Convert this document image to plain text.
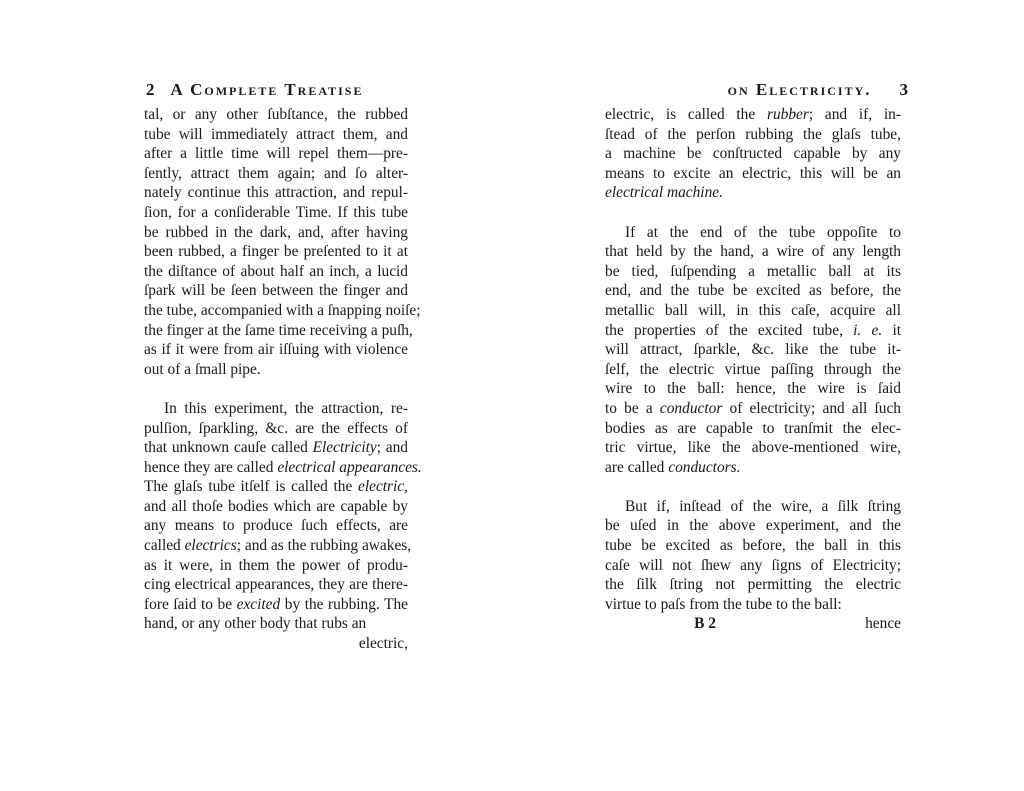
2 A Complete Treatise
tal, or any other ſubſtance, the rubbed
tube will immediately attract them, and
after a little time will repel them—pre-
ſently, attract them again; and ſo alter-
nately continue this attraction, and repul-
ſion, for a conſiderable Time. If this tube
be rubbed in the dark, and, after having
been rubbed, a finger be preſented to it at
the diſtance of about half an inch, a lucid
ſpark will be ſeen between the finger and
the tube, accompanied with a ſnapping noiſe;
the finger at the ſame time receiving a puſh,
as if it were from air iſſuing with violence
out of a ſmall pipe.
In this experiment, the attraction, re-
pulſion, ſparkling, &c. are the effects of
that unknown cauſe called Electricity; and
hence they are called electrical appearances.
The glaſs tube itſelf is called the electric,
and all thoſe bodies which are capable by
any means to produce ſuch effects, are
called electrics; and as the rubbing awakes,
as it were, in them the power of produ-
cing electrical appearances, they are there-
fore ſaid to be excited by the rubbing. The
hand, or any other body that rubs an
electric,
on Electricity. 3
electric, is called the rubber; and if, in-
ſtead of the perſon rubbing the glaſs tube,
a machine be conſtructed capable by any
means to excite an electric, this will be an
electrical machine.
If at the end of the tube oppoſite to
that held by the hand, a wire of any length
be tied, ſuſpending a metallic ball at its
end, and the tube be excited as before, the
metallic ball will, in this caſe, acquire all
the properties of the excited tube, i. e. it
will attract, ſparkle, &c. like the tube it-
ſelf, the electric virtue paſſing through the
wire to the ball: hence, the wire is ſaid
to be a conductor of electricity; and all ſuch
bodies as are capable to tranſmit the elec-
tric virtue, like the above-mentioned wire,
are called conductors.
But if, inſtead of the wire, a ſilk ſtring
be uſed in the above experiment, and the
tube be excited as before, the ball in this
caſe will not ſhew any ſigns of Electricity;
the ſilk ſtring not permitting the electric
virtue to paſs from the tube to the ball:
B 2	hence
